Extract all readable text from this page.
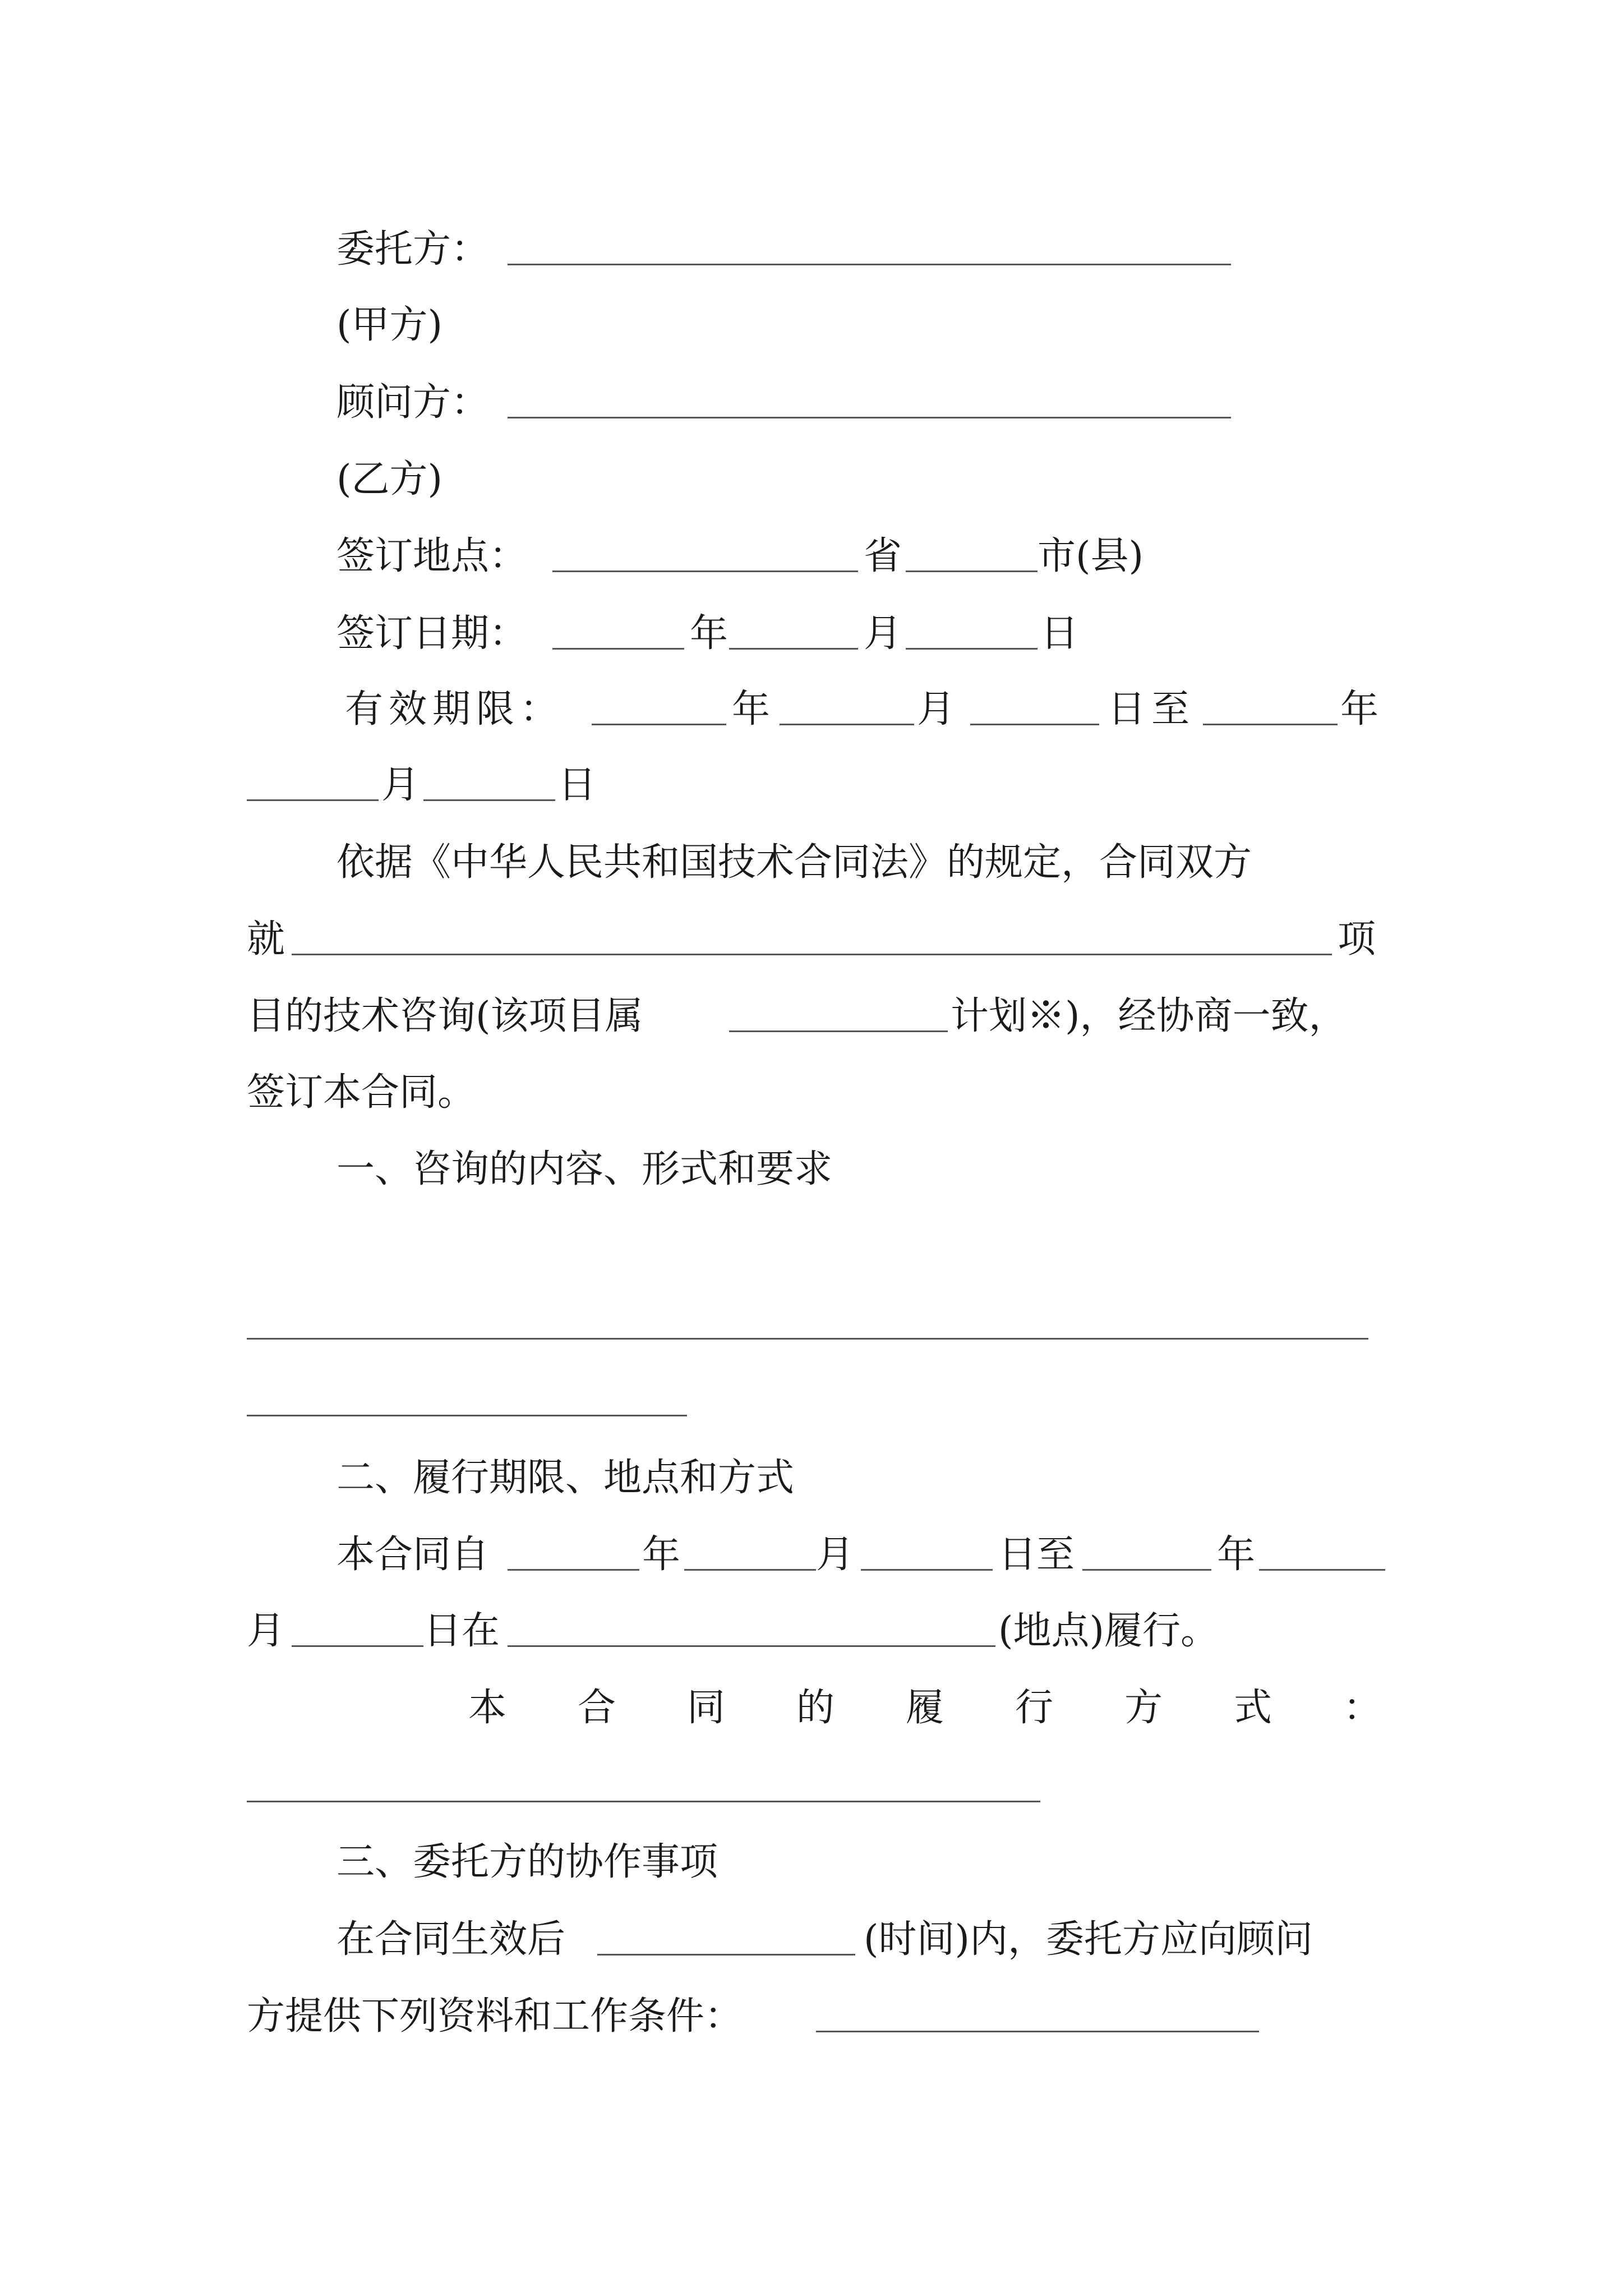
委托方：
(甲方)
顾问方：
(乙方)
签订地点：	省	市(县)
签订日期：	年	月	日
有效期限：	年	月	日至	年
月	日
依据《中华人民共和国技术合同法》的规定，合同双方
就	项
目的技术咨询(该项目属	计划※)，经协商一致，
签订本合同。
一、咨询的内容、形式和要求
二、履行期限、地点和方式
本合同自	年	月	日至	年
月	日在	(地点)履行。
本 合 同 的 履 行 方 式 ：
三、委托方的协作事项
在合同生效后	(时间)内，委托方应向顾问
方提供下列资料和工作条件：
